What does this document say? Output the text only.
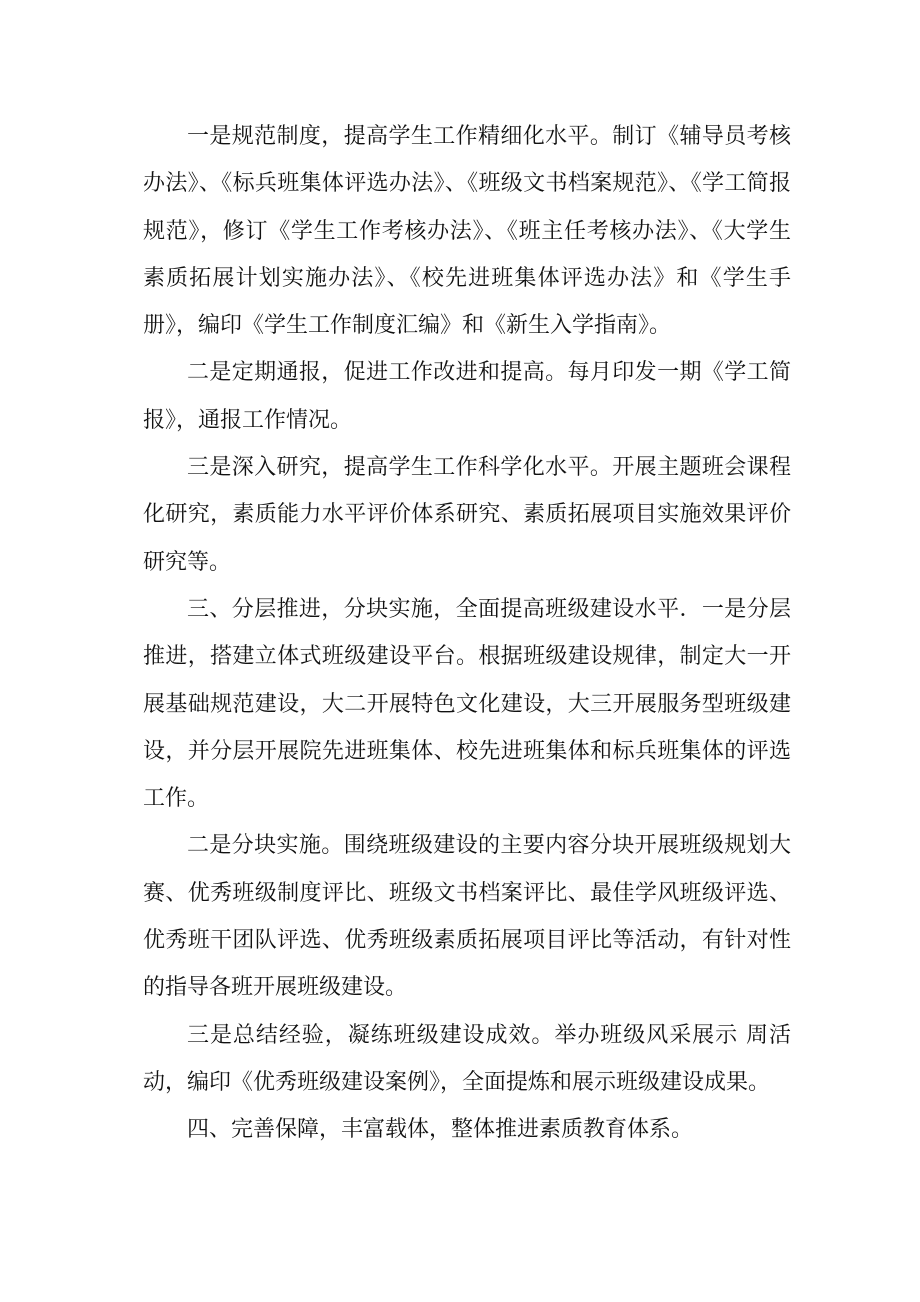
一是规范制度，提高学生工作精细化水平。制订《辅导员考核办法》、《标兵班集体评选办法》、《班级文书档案规范》、《学工简报规范》，修订《学生工作考核办法》、《班主任考核办法》、《大学生素质拓展计划实施办法》、《校先进班集体评选办法》和《学生手册》，编印《学生工作制度汇编》和《新生入学指南》。

二是定期通报，促进工作改进和提高。每月印发一期《学工简报》，通报工作情况。

三是深入研究，提高学生工作科学化水平。开展主题班会课程化研究，素质能力水平评价体系研究、素质拓展项目实施效果评价研究等。

三、分层推进，分块实施，全面提高班级建设水平．一是分层推进，搭建立体式班级建设平台。根据班级建设规律，制定大一开展基础规范建设，大二开展特色文化建设，大三开展服务型班级建设，并分层开展院先进班集体、校先进班集体和标兵班集体的评选工作。

二是分块实施。围绕班级建设的主要内容分块开展班级规划大赛、优秀班级制度评比、班级文书档案评比、最佳学风班级评选、优秀班干团队评选、优秀班级素质拓展项目评比等活动，有针对性的指导各班开展班级建设。

三是总结经验，凝练班级建设成效。举办班级风采展示 周活动，编印《优秀班级建设案例》，全面提炼和展示班级建设成果。

四、完善保障，丰富载体，整体推进素质教育体系。
